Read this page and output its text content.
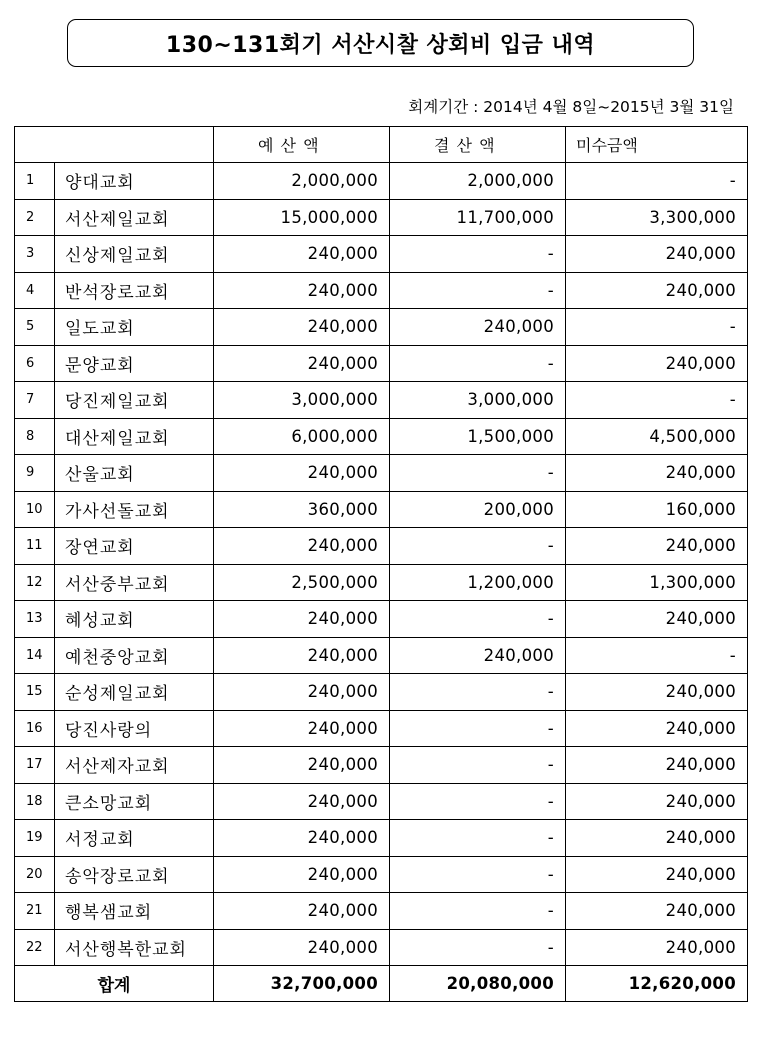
130~131회기 서산시찰 상회비 입금 내역
회계기간 : 2014년 4월 8일~2015년 3월 31일
		예 산 액	결 산 액	미수금액
1	양대교회	2,000,000	2,000,000	-
2	서산제일교회	15,000,000	11,700,000	3,300,000
3	신상제일교회	240,000	-	240,000
4	반석장로교회	240,000	-	240,000
5	일도교회	240,000	240,000	-
6	문양교회	240,000	-	240,000
7	당진제일교회	3,000,000	3,000,000	-
8	대산제일교회	6,000,000	1,500,000	4,500,000
9	산울교회	240,000	-	240,000
10	가사선돌교회	360,000	200,000	160,000
11	장연교회	240,000	-	240,000
12	서산중부교회	2,500,000	1,200,000	1,300,000
13	혜성교회	240,000	-	240,000
14	예천중앙교회	240,000	240,000	-
15	순성제일교회	240,000	-	240,000
16	당진사랑의	240,000	-	240,000
17	서산제자교회	240,000	-	240,000
18	큰소망교회	240,000	-	240,000
19	서정교회	240,000	-	240,000
20	송악장로교회	240,000	-	240,000
21	행복샘교회	240,000	-	240,000
22	서산행복한교회	240,000	-	240,000
합계		32,700,000	20,080,000	12,620,000
